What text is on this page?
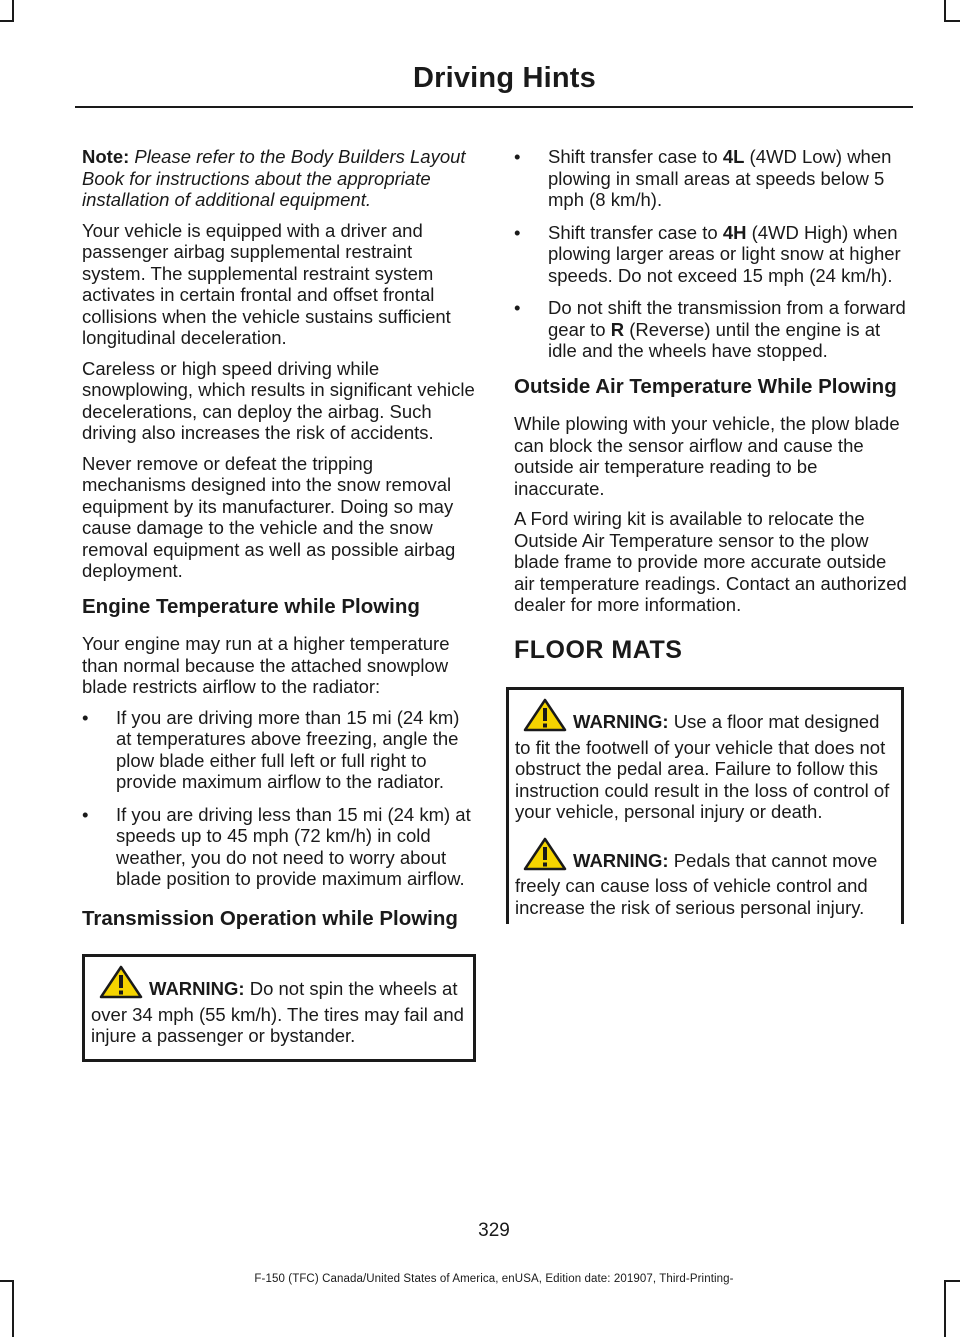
Driving Hints

Note: Please refer to the Body Builders Layout Book for instructions about the appropriate installation of additional equipment.

Your vehicle is equipped with a driver and passenger airbag supplemental restraint system. The supplemental restraint system activates in certain frontal and offset frontal collisions when the vehicle sustains sufficient longitudinal deceleration.

Careless or high speed driving while snowplowing, which results in significant vehicle decelerations, can deploy the airbag. Such driving also increases the risk of accidents.

Never remove or defeat the tripping mechanisms designed into the snow removal equipment by its manufacturer. Doing so may cause damage to the vehicle and the snow removal equipment as well as possible airbag deployment.

Engine Temperature while Plowing

Your engine may run at a higher temperature than normal because the attached snowplow blade restricts airflow to the radiator:

• If you are driving more than 15 mi (24 km) at temperatures above freezing, angle the plow blade either full left or full right to provide maximum airflow to the radiator.
• If you are driving less than 15 mi (24 km) at speeds up to 45 mph (72 km/h) in cold weather, you do not need to worry about blade position to provide maximum airflow.
Transmission Operation while Plowing
WARNING: Do not spin the wheels at over 34 mph (55 km/h). The tires may fail and injure a passenger or bystander.
• Shift transfer case to 4L (4WD Low) when plowing in small areas at speeds below 5 mph (8 km/h).
• Shift transfer case to 4H (4WD High) when plowing larger areas or light snow at higher speeds. Do not exceed 15 mph (24 km/h).
• Do not shift the transmission from a forward gear to R (Reverse) until the engine is at idle and the wheels have stopped.
Outside Air Temperature While Plowing

While plowing with your vehicle, the plow blade can block the sensor airflow and cause the outside air temperature reading to be inaccurate.

A Ford wiring kit is available to relocate the Outside Air Temperature sensor to the plow blade frame to provide more accurate outside air temperature readings. Contact an authorized dealer for more information.

FLOOR MATS
WARNING: Use a floor mat designed to fit the footwell of your vehicle that does not obstruct the pedal area. Failure to follow this instruction could result in the loss of control of your vehicle, personal injury or death.
WARNING: Pedals that cannot move freely can cause loss of vehicle control and increase the risk of serious personal injury.
329
F-150 (TFC) Canada/United States of America, enUSA, Edition date: 201907, Third-Printing-
